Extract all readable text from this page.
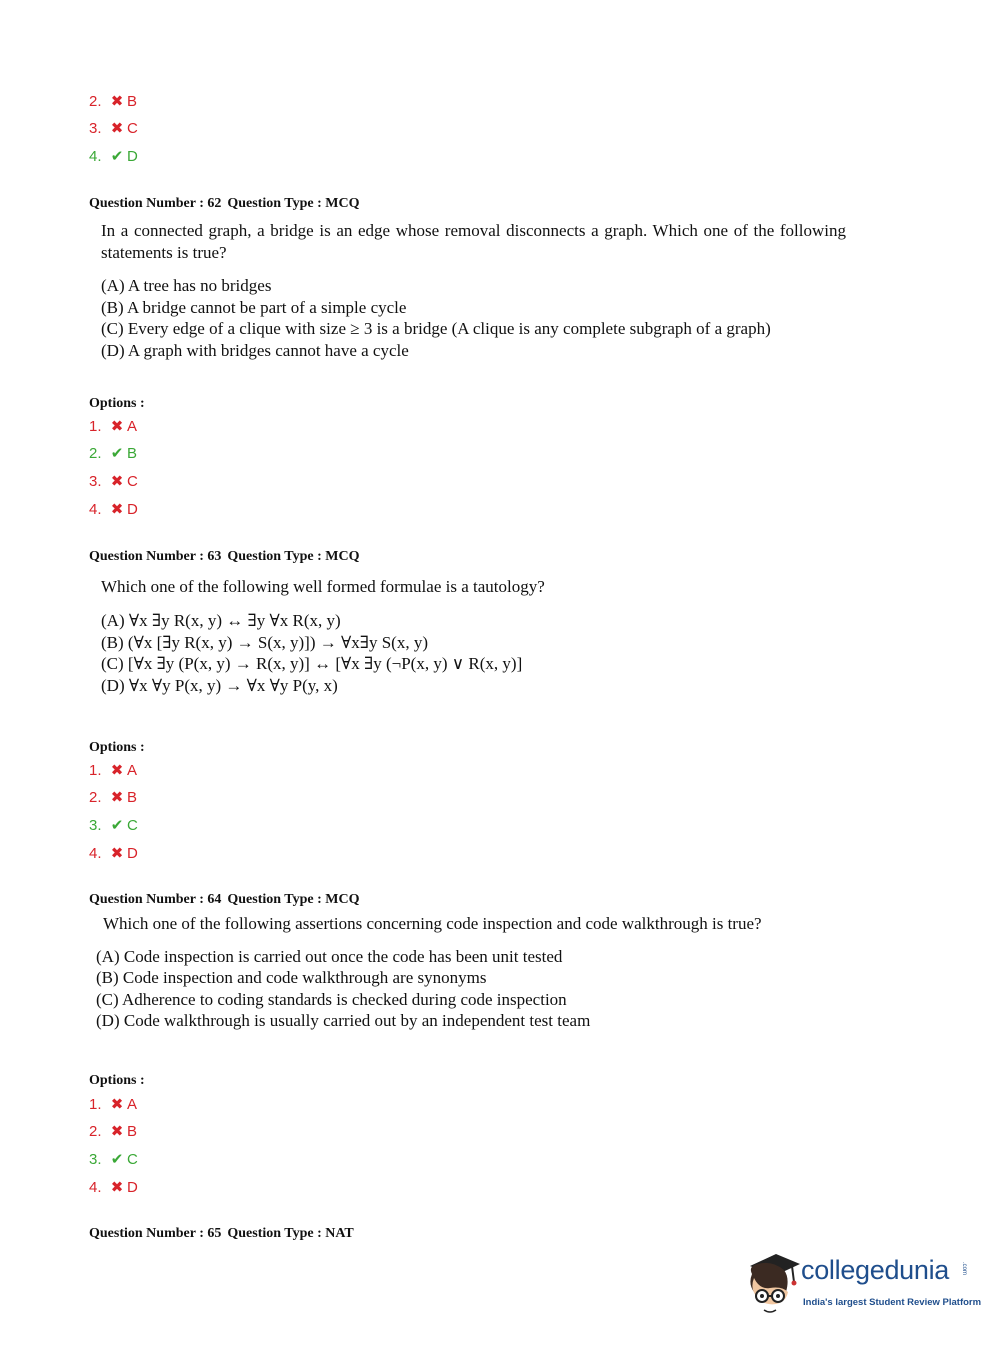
2. ✖ B
3. ✖ C
4. ✔ D
Question Number : 62 Question Type : MCQ
In a connected graph, a bridge is an edge whose removal disconnects a graph. Which one of the following statements is true?
(A) A tree has no bridges
(B) A bridge cannot be part of a simple cycle
(C) Every edge of a clique with size ≥ 3 is a bridge (A clique is any complete subgraph of a graph)
(D) A graph with bridges cannot have a cycle
Options :
1. ✖ A
2. ✔ B
3. ✖ C
4. ✖ D
Question Number : 63 Question Type : MCQ
Which one of the following well formed formulae is a tautology?
(A) ∀x ∃y R(x, y) ↔ ∃y ∀x R(x, y)
(B) (∀x [∃y R(x, y) → S(x, y)]) → ∀x∃y S(x, y)
(C) [∀x ∃y (P(x, y) → R(x, y)] ↔ [∀x ∃y (¬P(x, y) ∨ R(x, y)]
(D) ∀x ∀y P(x, y) → ∀x ∀y P(y, x)
Options :
1. ✖ A
2. ✖ B
3. ✔ C
4. ✖ D
Question Number : 64 Question Type : MCQ
Which one of the following assertions concerning code inspection and code walkthrough is true?
(A) Code inspection is carried out once the code has been unit tested
(B) Code inspection and code walkthrough are synonyms
(C) Adherence to coding standards is checked during code inspection
(D) Code walkthrough is usually carried out by an independent test team
Options :
1. ✖ A
2. ✖ B
3. ✔ C
4. ✖ D
Question Number : 65 Question Type : NAT
collegedunia .com
India's largest Student Review Platform
